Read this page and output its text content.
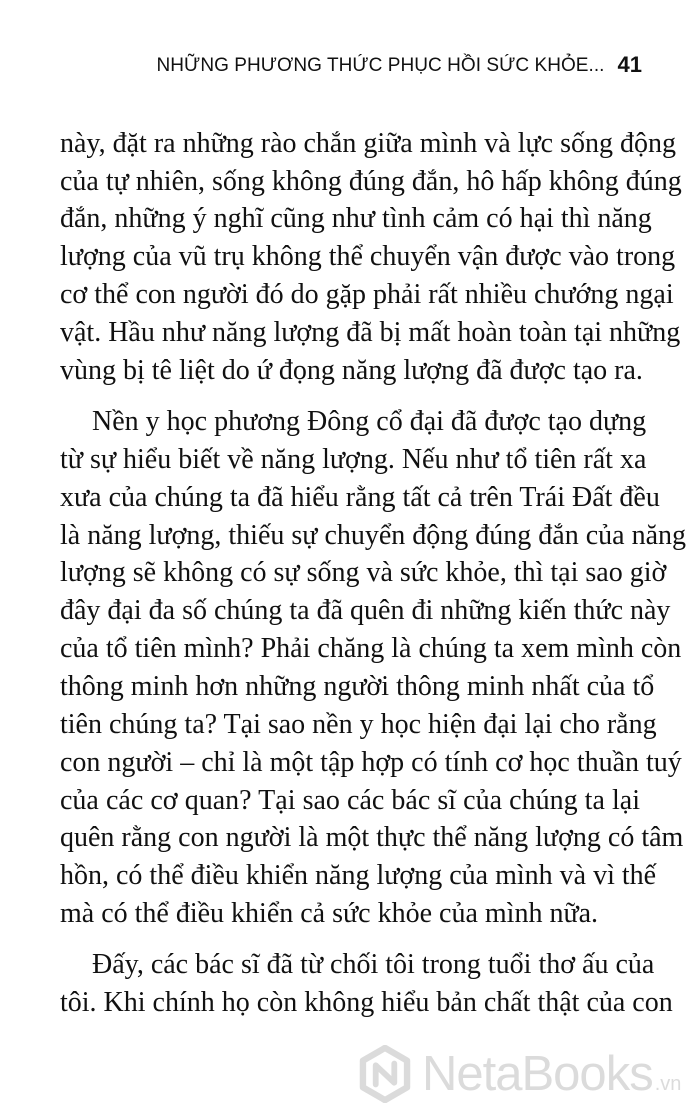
NHỮNG PHƯƠNG THỨC PHỤC HỒI SỨC KHỎE... 41
này, đặt ra những rào chắn giữa mình và lực sống động
của tự nhiên, sống không đúng đắn, hô hấp không đúng
đắn, những ý nghĩ cũng như tình cảm có hại thì năng
lượng của vũ trụ không thể chuyển vận được vào trong
cơ thể con người đó do gặp phải rất nhiều chướng ngại
vật. Hầu như năng lượng đã bị mất hoàn toàn tại những
vùng bị tê liệt do ứ đọng năng lượng đã được tạo ra.
Nền y học phương Đông cổ đại đã được tạo dựng
từ sự hiểu biết về năng lượng. Nếu như tổ tiên rất xa
xưa của chúng ta đã hiểu rằng tất cả trên Trái Đất đều
là năng lượng, thiếu sự chuyển động đúng đắn của năng
lượng sẽ không có sự sống và sức khỏe, thì tại sao giờ
đây đại đa số chúng ta đã quên đi những kiến thức này
của tổ tiên mình? Phải chăng là chúng ta xem mình còn
thông minh hơn những người thông minh nhất của tổ
tiên chúng ta? Tại sao nền y học hiện đại lại cho rằng
con người – chỉ là một tập hợp có tính cơ học thuần tuý
của các cơ quan? Tại sao các bác sĩ của chúng ta lại
quên rằng con người là một thực thể năng lượng có tâm
hồn, có thể điều khiển năng lượng của mình và vì thế
mà có thể điều khiển cả sức khỏe của mình nữa.
Đấy, các bác sĩ đã từ chối tôi trong tuổi thơ ấu của
tôi. Khi chính họ còn không hiểu bản chất thật của con
NetaBooks .vn
